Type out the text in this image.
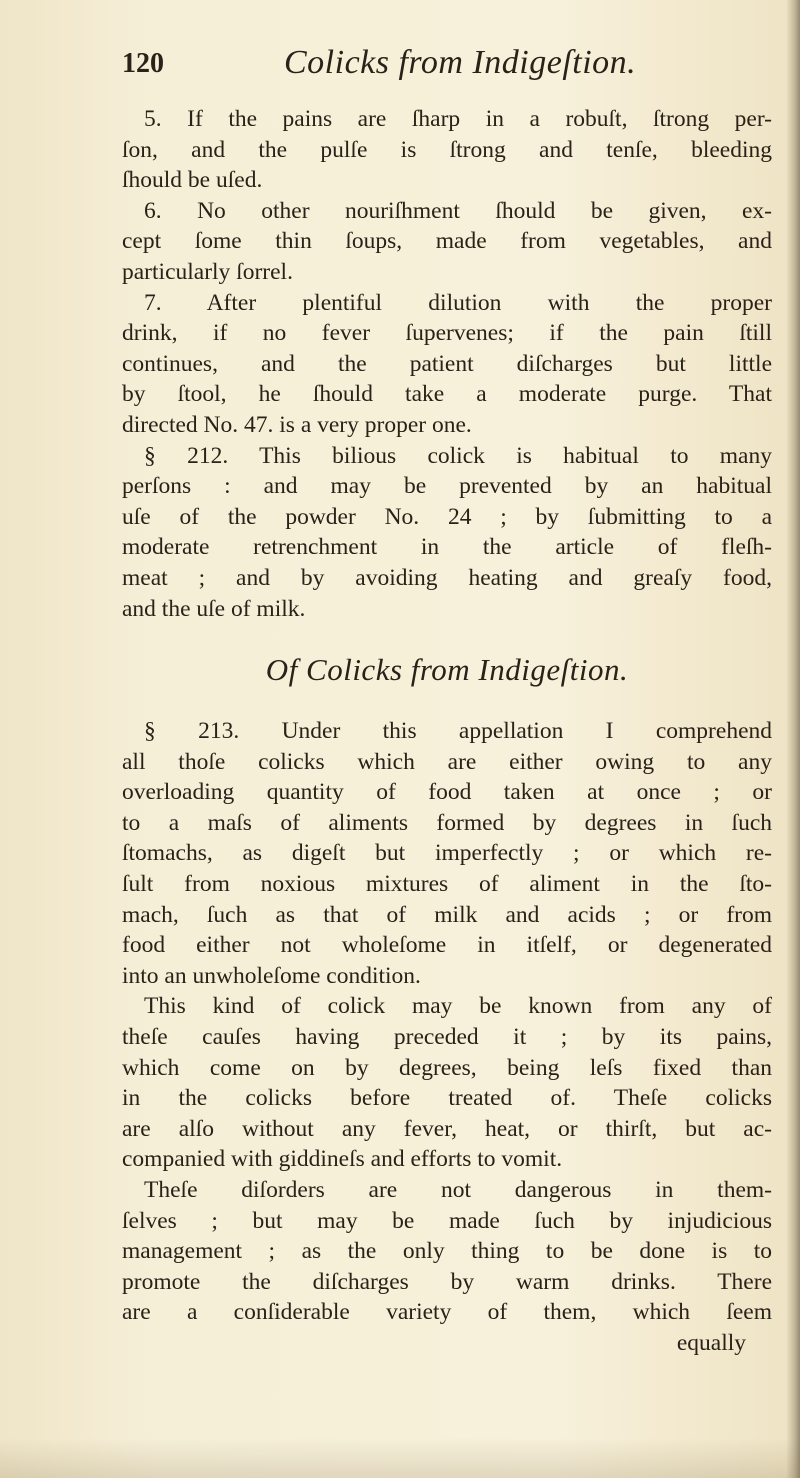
120	Colicks from Indigeſtion.
5. If the pains are ſharp in a robuſt, ſtrong per-
ſon, and the pulſe is ſtrong and tenſe, bleeding
ſhould be uſed.
6. No other nouriſhment ſhould be given, ex-
cept ſome thin ſoups, made from vegetables, and
particularly ſorrel.
7. After plentiful dilution with the proper
drink, if no fever ſupervenes; if the pain ſtill
continues, and the patient diſcharges but little
by ſtool, he ſhould take a moderate purge. That
directed No. 47. is a very proper one.
§ 212. This bilious colick is habitual to many
perſons : and may be prevented by an habitual
uſe of the powder No. 24 ; by ſubmitting to a
moderate retrenchment in the article of fleſh-
meat ; and by avoiding heating and greaſy food,
and the uſe of milk.
Of Colicks from Indigeſtion.
§ 213. Under this appellation I comprehend
all thoſe colicks which are either owing to any
overloading quantity of food taken at once ; or
to a maſs of aliments formed by degrees in ſuch
ſtomachs, as digeſt but imperfectly ; or which re-
ſult from noxious mixtures of aliment in the ſto-
mach, ſuch as that of milk and acids ; or from
food either not wholeſome in itſelf, or degenerated
into an unwholeſome condition.
This kind of colick may be known from any of
theſe cauſes having preceded it ; by its pains,
which come on by degrees, being leſs fixed than
in the colicks before treated of. Theſe colicks
are alſo without any fever, heat, or thirſt, but ac-
companied with giddineſs and efforts to vomit.
Theſe diſorders are not dangerous in them-
ſelves ; but may be made ſuch by injudicious
management ; as the only thing to be done is to
promote the diſcharges by warm drinks. There
are a conſiderable variety of them, which ſeem
equally
